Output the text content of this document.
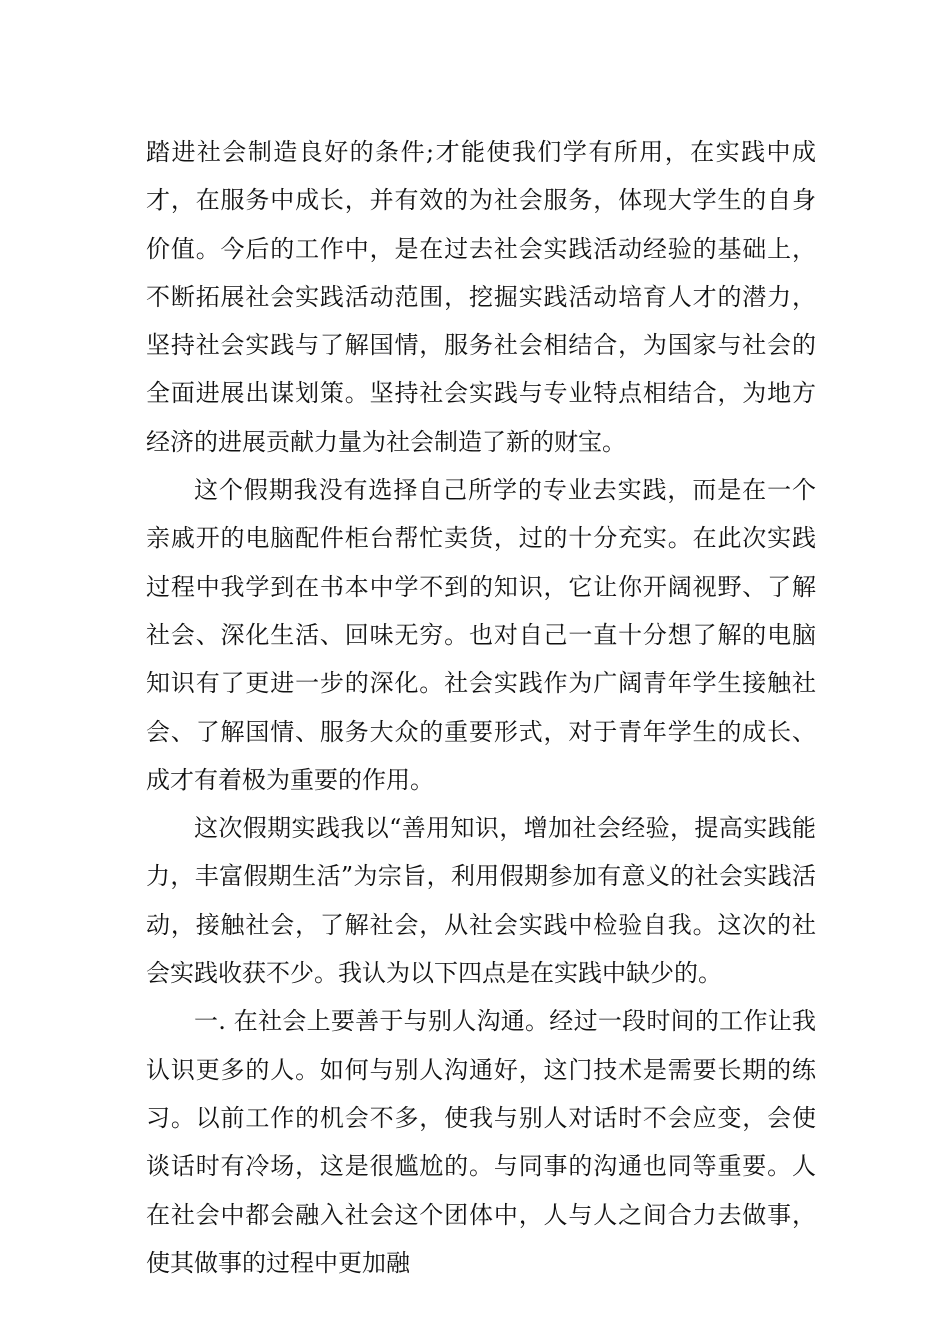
踏进社会制造良好的条件;才能使我们学有所用，在实践中成才，在服务中成长，并有效的为社会服务，体现大学生的自身价值。今后的工作中，是在过去社会实践活动经验的基础上，不断拓展社会实践活动范围，挖掘实践活动培育人才的潜力，坚持社会实践与了解国情，服务社会相结合，为国家与社会的全面进展出谋划策。坚持社会实践与专业特点相结合，为地方经济的进展贡献力量为社会制造了新的财宝。

这个假期我没有选择自己所学的专业去实践，而是在一个亲戚开的电脑配件柜台帮忙卖货，过的十分充实。在此次实践过程中我学到在书本中学不到的知识，它让你开阔视野、了解社会、深化生活、回味无穷。也对自己一直十分想了解的电脑知识有了更进一步的深化。社会实践作为广阔青年学生接触社会、了解国情、服务大众的重要形式，对于青年学生的成长、成才有着极为重要的作用。

这次假期实践我以“善用知识，增加社会经验，提高实践能力，丰富假期生活”为宗旨，利用假期参加有意义的社会实践活动，接触社会，了解社会，从社会实践中检验自我。这次的社会实践收获不少。我认为以下四点是在实践中缺少的。

一. 在社会上要善于与别人沟通。经过一段时间的工作让我认识更多的人。如何与别人沟通好，这门技术是需要长期的练习。以前工作的机会不多，使我与别人对话时不会应变，会使谈话时有冷场，这是很尴尬的。与同事的沟通也同等重要。人在社会中都会融入社会这个团体中，人与人之间合力去做事，使其做事的过程中更加融
